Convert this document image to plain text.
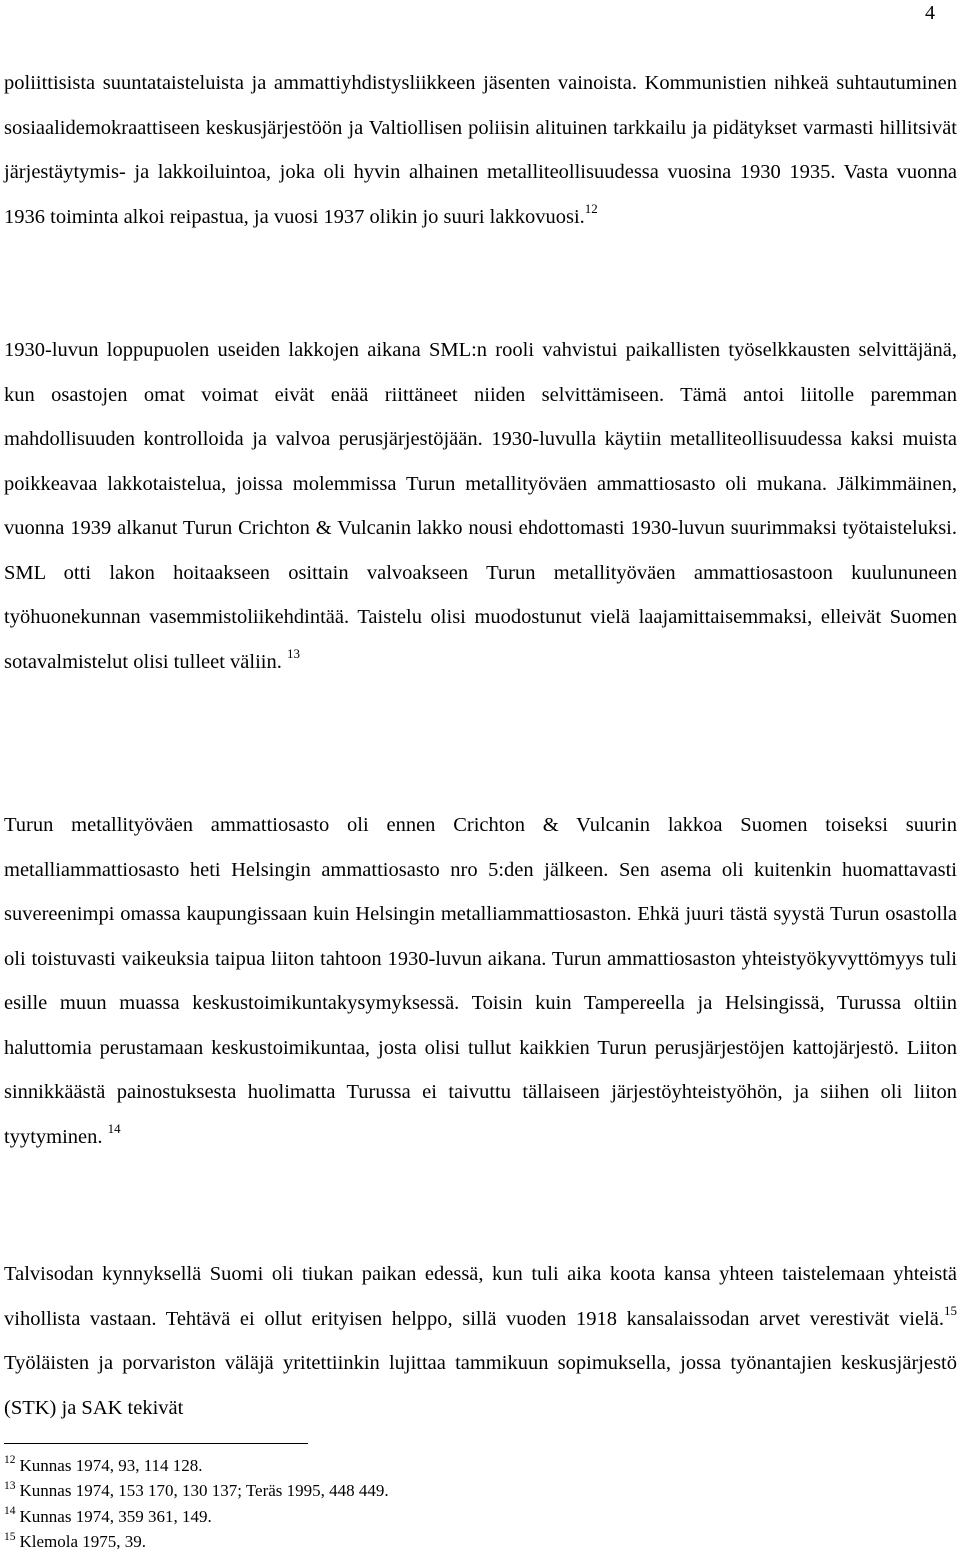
4

poliittisista suuntataisteluista ja ammattiyhdistysliikkeen jäsenten vainoista. Kommunistien nihkeä suhtautuminen sosiaalidemokraattiseen keskusjärjestöön ja Valtiollisen poliisin alituinen tarkkailu ja pidätykset varmasti hillitsivät järjestäytymis- ja lakkoiluintoa, joka oli hyvin alhainen metalliteollisuudessa vuosina 1930 1935. Vasta vuonna 1936 toiminta alkoi reipastua, ja vuosi 1937 olikin jo suuri lakkovuosi.$^{12}$

1930-luvun loppupuolen useiden lakkojen aikana SML:n rooli vahvistui paikallisten työselkkausten selvittäjänä, kun osastojen omat voimat eivät enää riittäneet niiden selvittämiseen. Tämä antoi liitolle paremman mahdollisuuden kontrolloida ja valvoa perusjärjestöjään. 1930-luvulla käytiin metalliteollisuudessa kaksi muista poikkeavaa lakkotaistelua, joissa molemmissa Turun metallityöväen ammattiosasto oli mukana. Jälkimmäinen, vuonna 1939 alkanut Turun Crichton & Vulcanin lakko nousi ehdottomasti 1930-luvun suurimmaksi työtaisteluksi. SML otti lakon hoitaakseen osittain valvoakseen Turun metallityöväen ammattiosastoon kuulununeen työhuonekunnan vasemmistoliikehdintää. Taistelu olisi muodostunut vielä laajamittaisemmaksi, elleivät Suomen sotavalmistelut olisi tulleet väliin. $^{13}$

Turun metallityöväen ammattiosasto oli ennen Crichton & Vulcanin lakkoa Suomen toiseksi suurin metalliammattiosasto heti Helsingin ammattiosasto nro 5:den jälkeen. Sen asema oli kuitenkin huomattavasti suvereenimpi omassa kaupungissaan kuin Helsingin metalliammattiosaston. Ehkä juuri tästä syystä Turun osastolla oli toistuvasti vaikeuksia taipua liiton tahtoon 1930-luvun aikana. Turun ammattiosaston yhteistyökyvyttömyys tuli esille muun muassa keskustoimikuntakysymyksessä. Toisin kuin Tampereella ja Helsingissä, Turussa oltiin haluttomia perustamaan keskustoimikuntaa, josta olisi tullut kaikkien Turun perusjärjestöjen kattojärjestö. Liiton sinnikkäästä painostuksesta huolimatta Turussa ei taivuttu tällaiseen järjestöyhteistyöhön, ja siihen oli liiton tyytyminen. $^{14}$

Talvisodan kynnyksellä Suomi oli tiukan paikan edessä, kun tuli aika koota kansa yhteen taistelemaan yhteistä vihollista vastaan. Tehtävä ei ollut erityisen helppo, sillä vuoden 1918 kansalaissodan arvet verestivät vielä.$^{15}$ Työläisten ja porvariston väläjä yritettiinkin lujittaa tammikuun sopimuksella, jossa työnantajien keskusjärjestö (STK) ja SAK tekivät

$^{12}$ Kunnas 1974, 93, 114 128.
$^{13}$ Kunnas 1974, 153 170, 130 137; Teräs 1995, 448 449.
$^{14}$ Kunnas 1974, 359 361, 149.
$^{15}$ Klemola 1975, 39.
